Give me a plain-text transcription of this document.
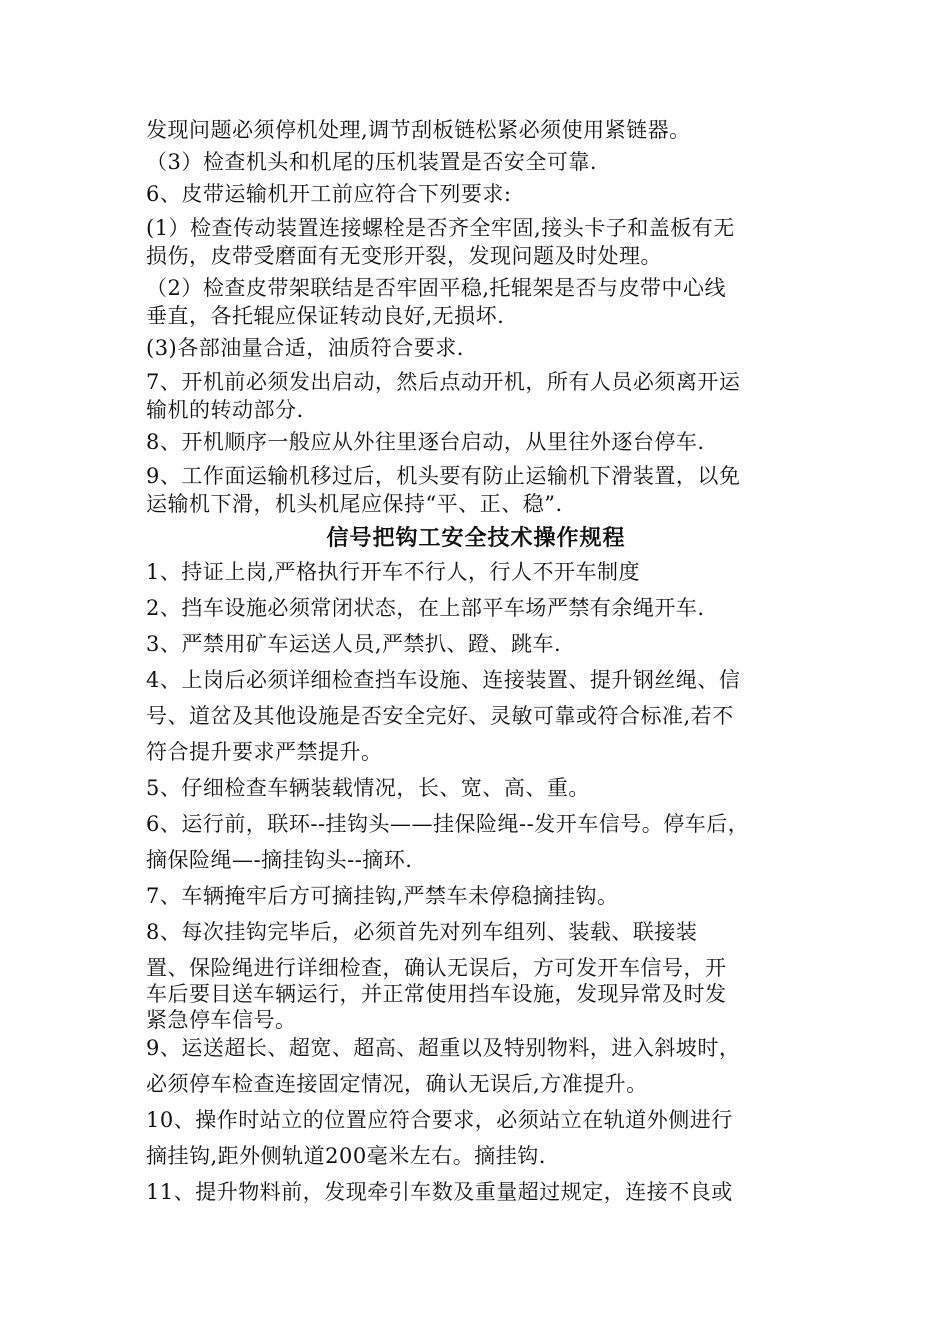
发现问题必须停机处理,调节刮板链松紧必须使用紧链器。
（3）检查机头和机尾的压机装置是否安全可靠.
6、皮带运输机开工前应符合下列要求:
(1）检查传动装置连接螺栓是否齐全牢固,接头卡子和盖板有无
损伤，皮带受磨面有无变形开裂，发现问题及时处理。
（2）检查皮带架联结是否牢固平稳,托辊架是否与皮带中心线
垂直，各托辊应保证转动良好,无损坏.
(3)各部油量合适，油质符合要求.
7、开机前必须发出启动，然后点动开机，所有人员必须离开运
输机的转动部分.
8、开机顺序一般应从外往里逐台启动，从里往外逐台停车.
9、工作面运输机移过后，机头要有防止运输机下滑装置，以免
运输机下滑，机头机尾应保持“平、正、稳”.
信号把钩工安全技术操作规程
1、持证上岗,严格执行开车不行人，行人不开车制度
2、挡车设施必须常闭状态，在上部平车场严禁有余绳开车.
3、严禁用矿车运送人员,严禁扒、蹬、跳车.
4、上岗后必须详细检查挡车设施、连接装置、提升钢丝绳、信
号、道岔及其他设施是否安全完好、灵敏可靠或符合标准,若不
符合提升要求严禁提升。
5、仔细检查车辆装载情况，长、宽、高、重。
6、运行前，联环--挂钩头——挂保险绳--发开车信号。停车后，
摘保险绳—-摘挂钩头--摘环.
7、车辆掩牢后方可摘挂钩,严禁车未停稳摘挂钩。
8、每次挂钩完毕后，必须首先对列车组列、装载、联接装
置、保险绳进行详细检查，确认无误后，方可发开车信号，开
车后要目送车辆运行，并正常使用挡车设施，发现异常及时发
紧急停车信号。
9、运送超长、超宽、超高、超重以及特别物料，进入斜坡时，
必须停车检查连接固定情况，确认无误后,方准提升。
10、操作时站立的位置应符合要求，必须站立在轨道外侧进行
摘挂钩,距外侧轨道200毫米左右。摘挂钩.
11、提升物料前，发现牵引车数及重量超过规定，连接不良或
